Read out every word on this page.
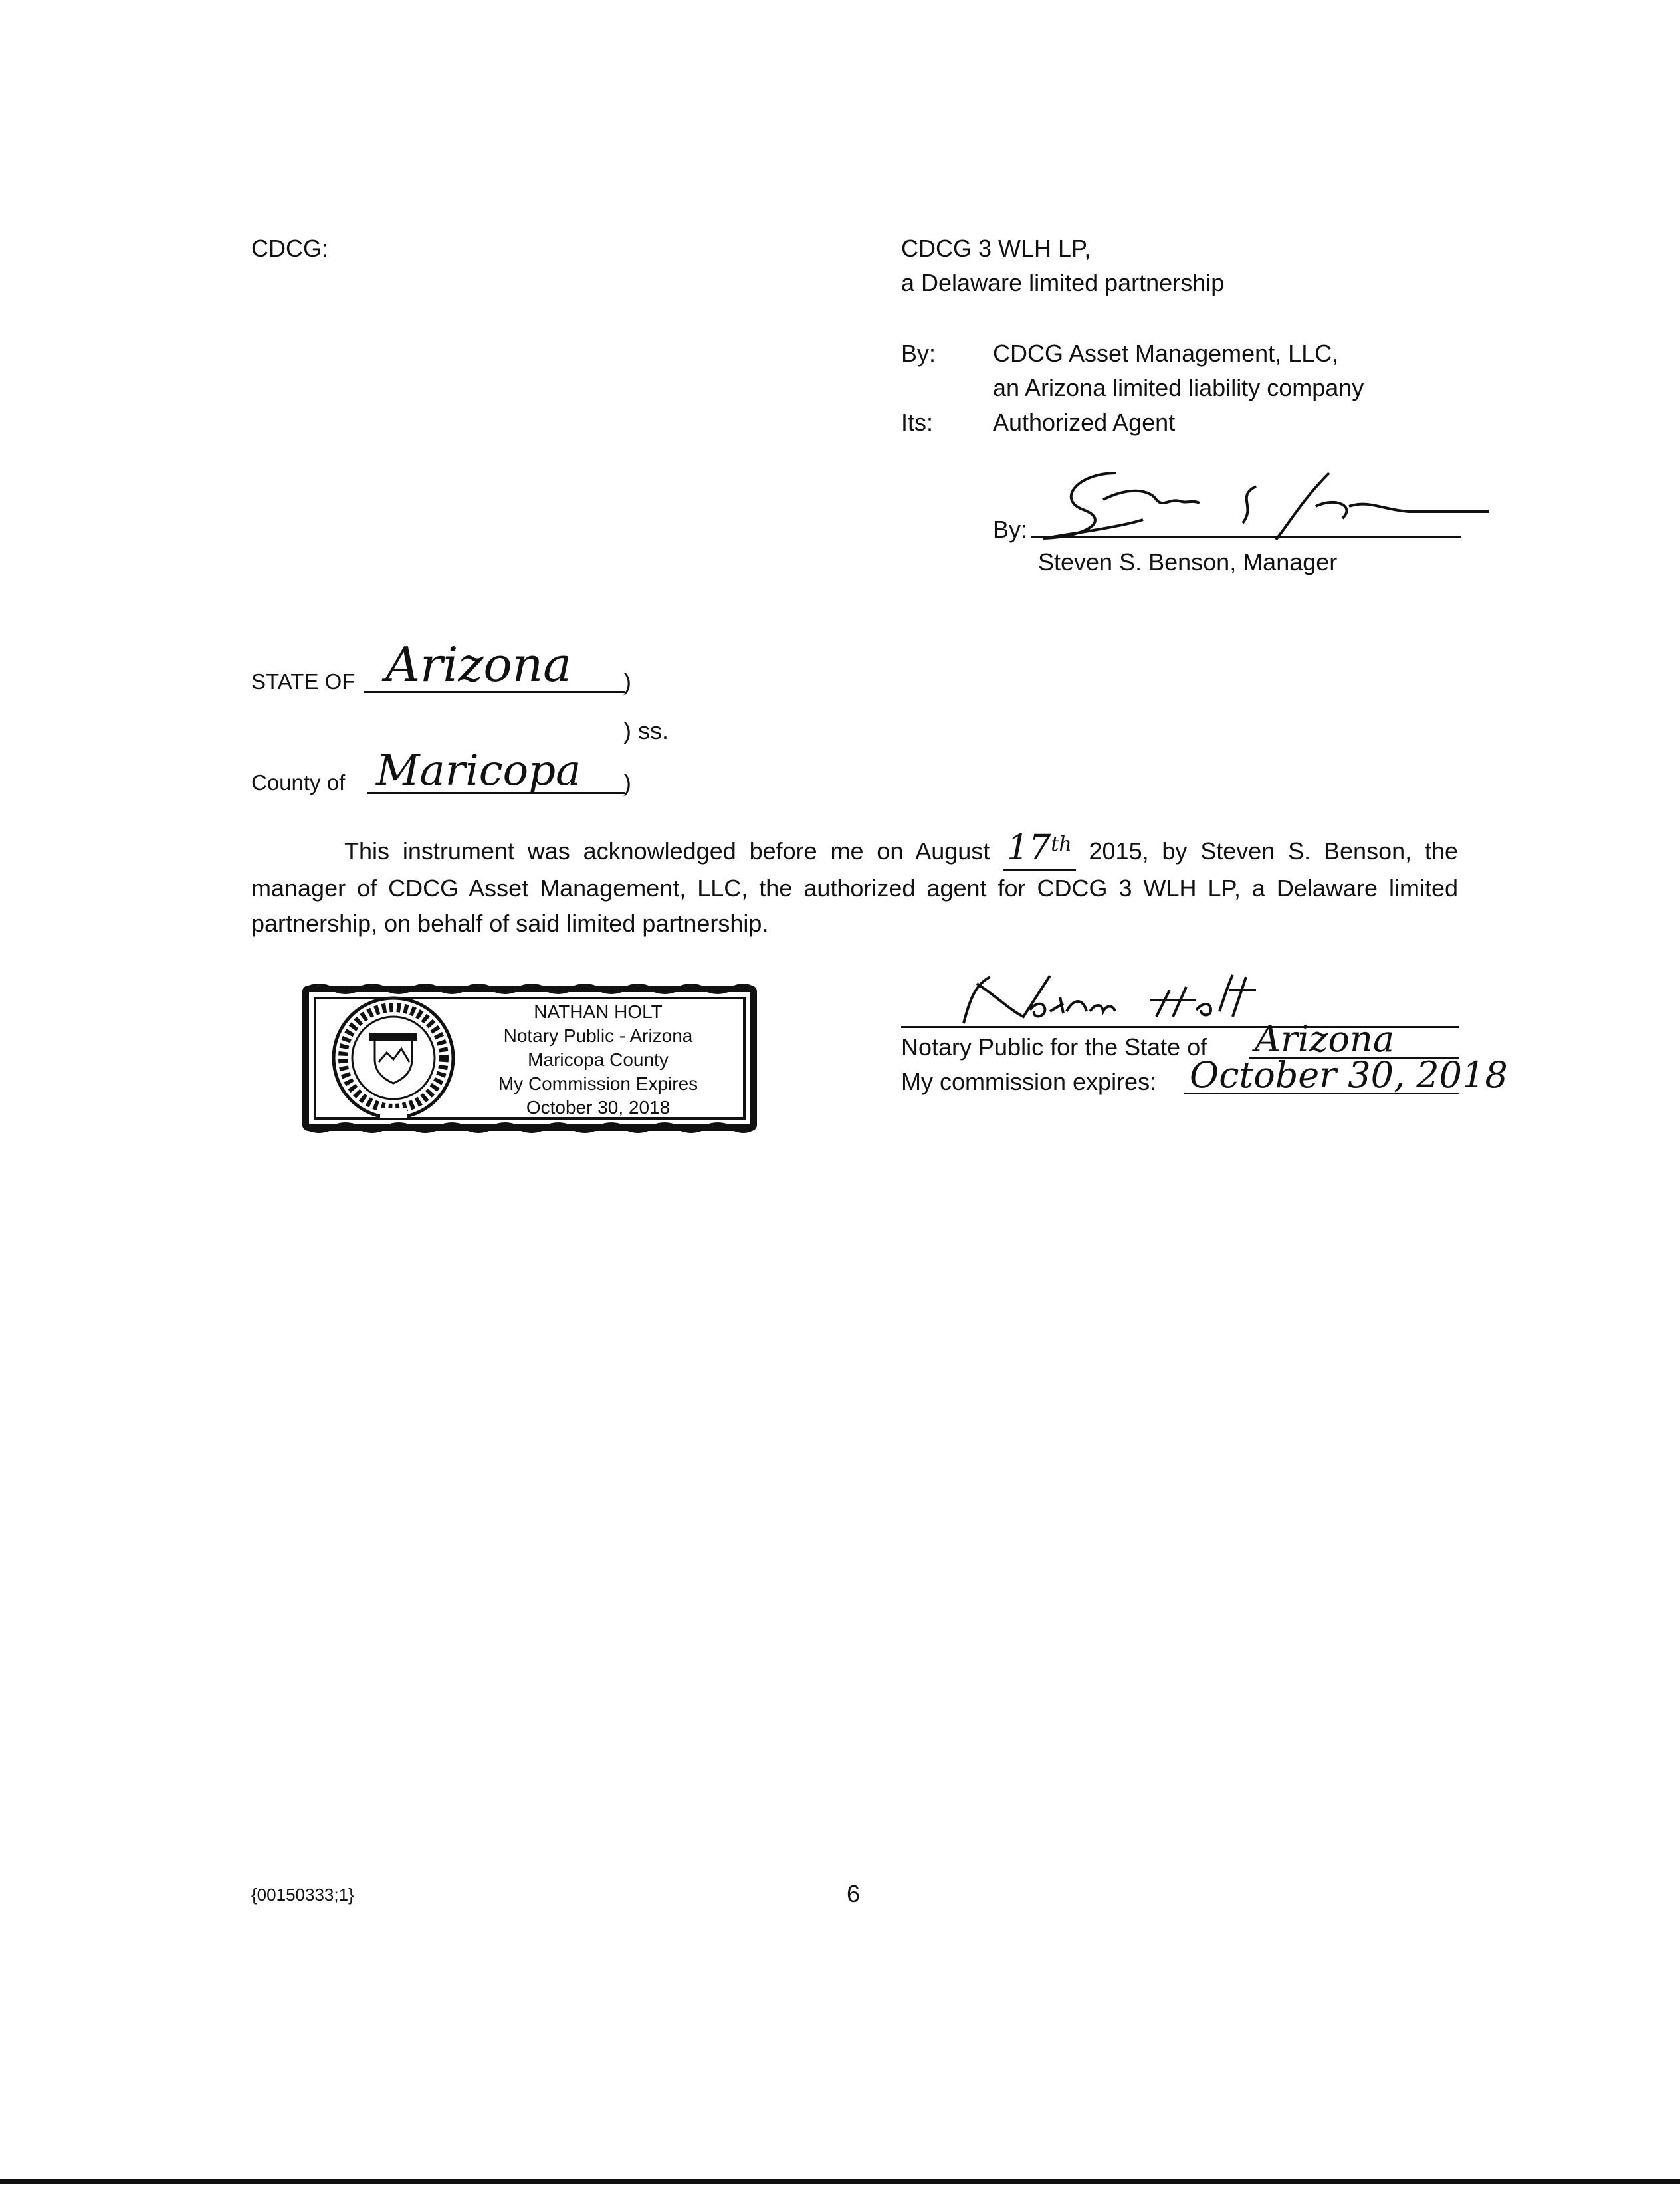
CDCG:	CDCG 3 WLH LP,
a Delaware limited partnership
By: CDCG Asset Management, LLC,
an Arizona limited liability company
Its: Authorized Agent
By:
Steven S. Benson, Manager
STATE OF Arizona )
) ss.
County of Maricopa )
This instrument was acknowledged before me on August 17th 2015, by Steven S. Benson, the manager of CDCG Asset Management, LLC, the authorized agent for CDCG 3 WLH LP, a Delaware limited partnership, on behalf of said limited partnership.
NATHAN HOLT
Notary Public - Arizona
Maricopa County
My Commission Expires
October 30, 2018
Notary Public for the State of Arizona
My commission expires: October 30, 2018
{00150333;1}	6
